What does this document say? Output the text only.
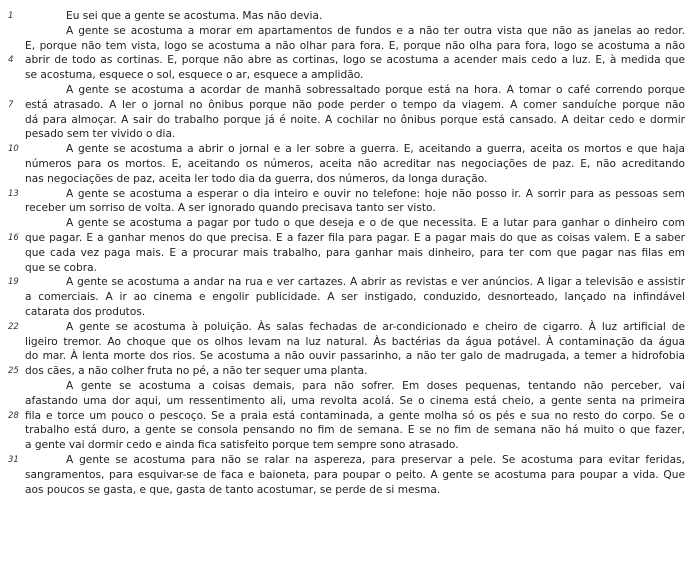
1	Eu sei que a gente se acostuma. Mas não devia.
A gente se acostuma a morar em apartamentos de fundos e a não ter outra vista que não as janelas ao redor.
E, porque não tem vista, logo se acostuma a não olhar para fora. E, porque não olha para fora, logo se acostuma a não
4	abrir de todo as cortinas. E, porque não abre as cortinas, logo se acostuma a acender mais cedo a luz. E, à medida que
se acostuma, esquece o sol, esquece o ar, esquece a amplidão.
A gente se acostuma a acordar de manhã sobressaltado porque está na hora. A tomar o café correndo porque
7	está atrasado. A ler o jornal no ônibus porque não pode perder o tempo da viagem. A comer sanduíche porque não
dá para almoçar. A sair do trabalho porque já é noite. A cochilar no ônibus porque está cansado. A deitar cedo e dormir
pesado sem ter vivido o dia.
10	A gente se acostuma a abrir o jornal e a ler sobre a guerra. E, aceitando a guerra, aceita os mortos e que haja
números para os mortos. E, aceitando os números, aceita não acreditar nas negociações de paz. E, não acreditando
nas negociações de paz, aceita ler todo dia da guerra, dos números, da longa duração.
13	A gente se acostuma a esperar o dia inteiro e ouvir no telefone: hoje não posso ir. A sorrir para as pessoas sem
receber um sorriso de volta. A ser ignorado quando precisava tanto ser visto.
A gente se acostuma a pagar por tudo o que deseja e o de que necessita. E a lutar para ganhar o dinheiro com
16 que pagar. E a ganhar menos do que precisa. E a fazer fila para pagar. E a pagar mais do que as coisas valem. E a saber
que cada vez paga mais. E a procurar mais trabalho, para ganhar mais dinheiro, para ter com que pagar nas filas em
que se cobra.
19	A gente se acostuma a andar na rua e ver cartazes. A abrir as revistas e ver anúncios. A ligar a televisão e assistir
a comerciais. A ir ao cinema e engolir publicidade. A ser instigado, conduzido, desnorteado, lançado na infindável
catarata dos produtos.
22	A gente se acostuma à poluição. Às salas fechadas de ar-condicionado e cheiro de cigarro. À luz artificial de
ligeiro tremor. Ao choque que os olhos levam na luz natural. Às bactérias da água potável. À contaminação da água
do mar. À lenta morte dos rios. Se acostuma a não ouvir passarinho, a não ter galo de madrugada, a temer a hidrofobia
25 dos cães, a não colher fruta no pé, a não ter sequer uma planta.
A gente se acostuma a coisas demais, para não sofrer. Em doses pequenas, tentando não perceber, vai
afastando uma dor aqui, um ressentimento ali, uma revolta acolá. Se o cinema está cheio, a gente senta na primeira
28 fila e torce um pouco o pescoço. Se a praia está contaminada, a gente molha só os pés e sua no resto do corpo. Se o
trabalho está duro, a gente se consola pensando no fim de semana. E se no fim de semana não há muito o que fazer,
a gente vai dormir cedo e ainda fica satisfeito porque tem sempre sono atrasado.
31	A gente se acostuma para não se ralar na aspereza, para preservar a pele. Se acostuma para evitar feridas,
sangramentos, para esquivar-se de faca e baioneta, para poupar o peito. A gente se acostuma para poupar a vida. Que
aos poucos se gasta, e que, gasta de tanto acostumar, se perde de si mesma.
